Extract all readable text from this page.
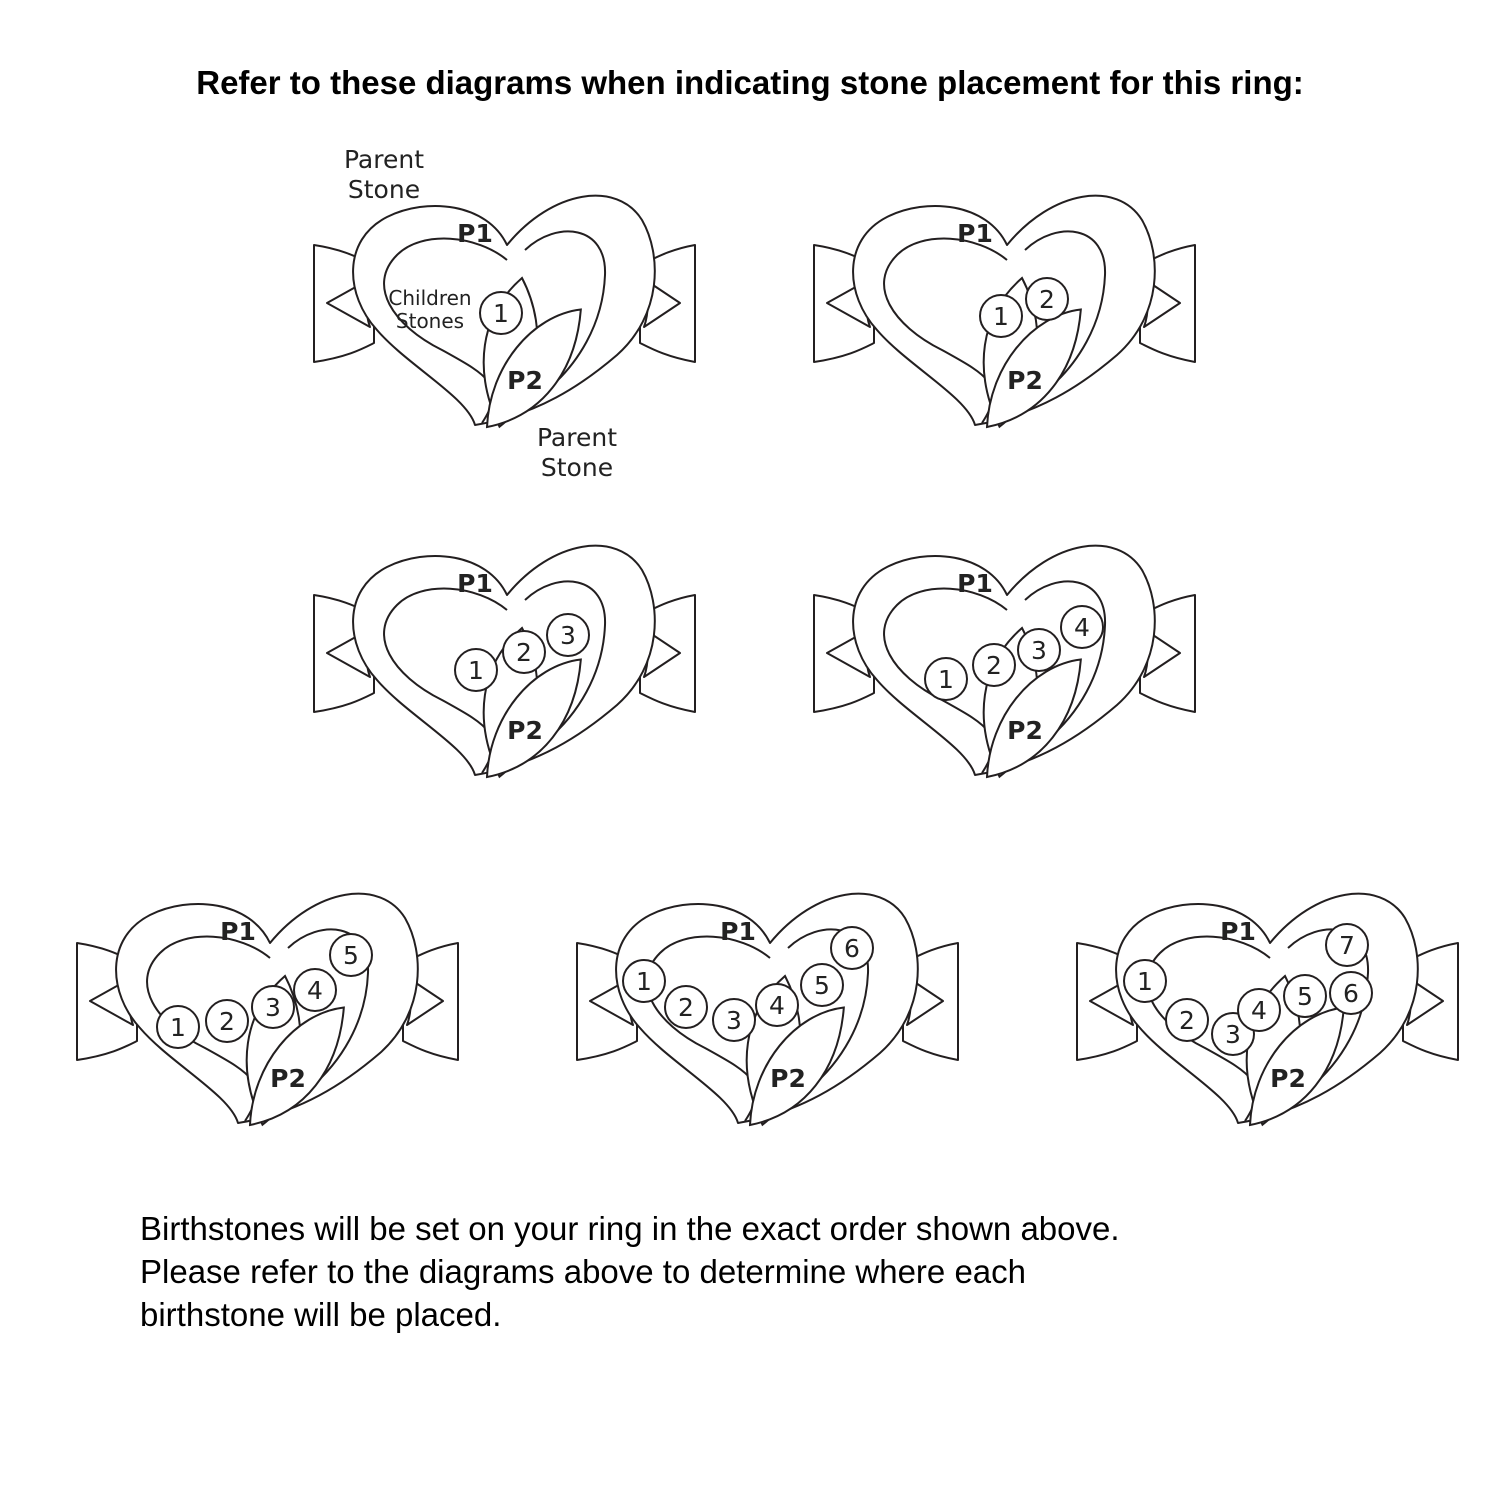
Refer to these diagrams when indicating stone placement for this ring:
P1
P2
1
P1
P2
1
2
P1
P2
1
2
3
P1
P2
1 2
3
4
P1
P2
1 2 3
4
5
P1
P2
1
2 3
4
5
6
P1
P2
1
2 3
4 5 6
7
Parent
Stone
Children
Stones
Parent
Stone
Birthstones will be set on your ring in the exact order shown above.
Please refer to the diagrams above to determine where each
birthstone will be placed.
